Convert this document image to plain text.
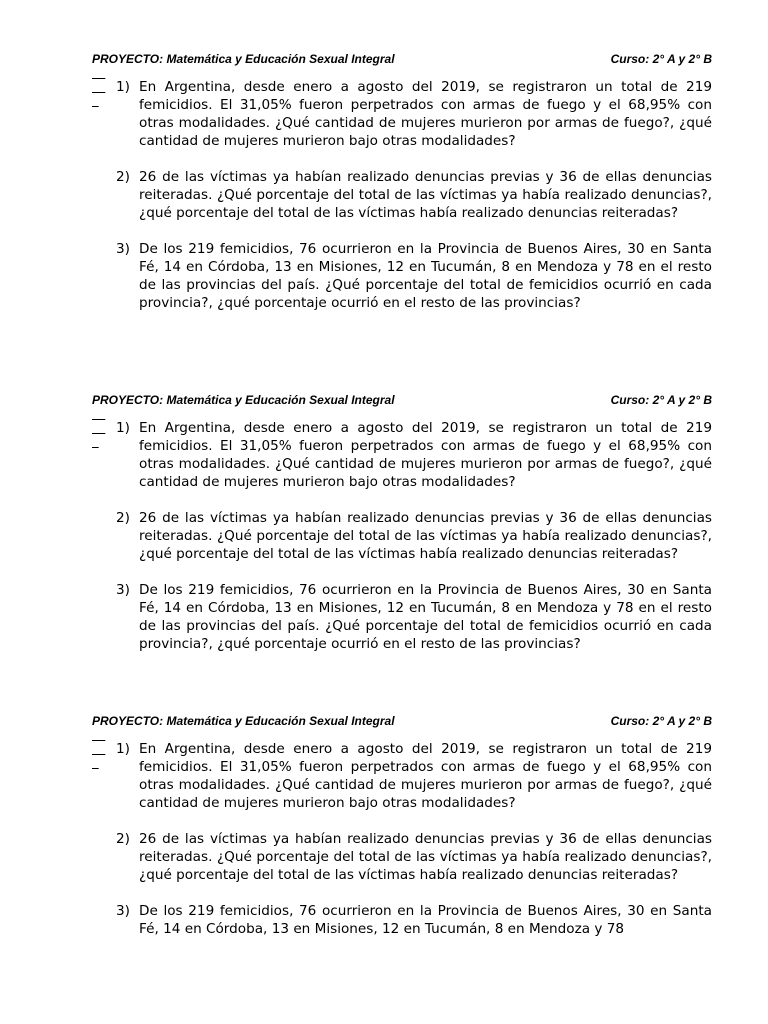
PROYECTO: Matemática y Educación Sexual Integral

	Curso: 2° A y 2° B

1) En Argentina, desde enero a agosto del 2019, se registraron un total de 219 femicidios. El 31,05% fueron perpetrados con armas de fuego y el 68,95% con otras modalidades. ¿Qué cantidad de mujeres murieron por armas de fuego?, ¿qué cantidad de mujeres murieron bajo otras modalidades?
2) 26 de las víctimas ya habían realizado denuncias previas y 36 de ellas denuncias reiteradas. ¿Qué porcentaje del total de las víctimas ya había realizado denuncias?, ¿qué porcentaje del total de las víctimas había realizado denuncias reiteradas?
3) De los 219 femicidios, 76 ocurrieron en la Provincia de Buenos Aires, 30 en Santa Fé, 14 en Córdoba, 13 en Misiones, 12 en Tucumán, 8 en Mendoza y 78 en el resto de las provincias del país. ¿Qué porcentaje del total de femicidios ocurrió en cada provincia?, ¿qué porcentaje ocurrió en el resto de las provincias?

PROYECTO: Matemática y Educación Sexual Integral

	Curso: 2° A y 2° B

1) En Argentina, desde enero a agosto del 2019, se registraron un total de 219 femicidios. El 31,05% fueron perpetrados con armas de fuego y el 68,95% con otras modalidades. ¿Qué cantidad de mujeres murieron por armas de fuego?, ¿qué cantidad de mujeres murieron bajo otras modalidades?
2) 26 de las víctimas ya habían realizado denuncias previas y 36 de ellas denuncias reiteradas. ¿Qué porcentaje del total de las víctimas ya había realizado denuncias?, ¿qué porcentaje del total de las víctimas había realizado denuncias reiteradas?
3) De los 219 femicidios, 76 ocurrieron en la Provincia de Buenos Aires, 30 en Santa Fé, 14 en Córdoba, 13 en Misiones, 12 en Tucumán, 8 en Mendoza y 78 en el resto de las provincias del país. ¿Qué porcentaje del total de femicidios ocurrió en cada provincia?, ¿qué porcentaje ocurrió en el resto de las provincias?

PROYECTO: Matemática y Educación Sexual Integral

	Curso: 2° A y 2° B

1) En Argentina, desde enero a agosto del 2019, se registraron un total de 219 femicidios. El 31,05% fueron perpetrados con armas de fuego y el 68,95% con otras modalidades. ¿Qué cantidad de mujeres murieron por armas de fuego?, ¿qué cantidad de mujeres murieron bajo otras modalidades?
2) 26 de las víctimas ya habían realizado denuncias previas y 36 de ellas denuncias reiteradas. ¿Qué porcentaje del total de las víctimas ya había realizado denuncias?, ¿qué porcentaje del total de las víctimas había realizado denuncias reiteradas?
3) De los 219 femicidios, 76 ocurrieron en la Provincia de Buenos Aires, 30 en Santa Fé, 14 en Córdoba, 13 en Misiones, 12 en Tucumán, 8 en Mendoza y 78
